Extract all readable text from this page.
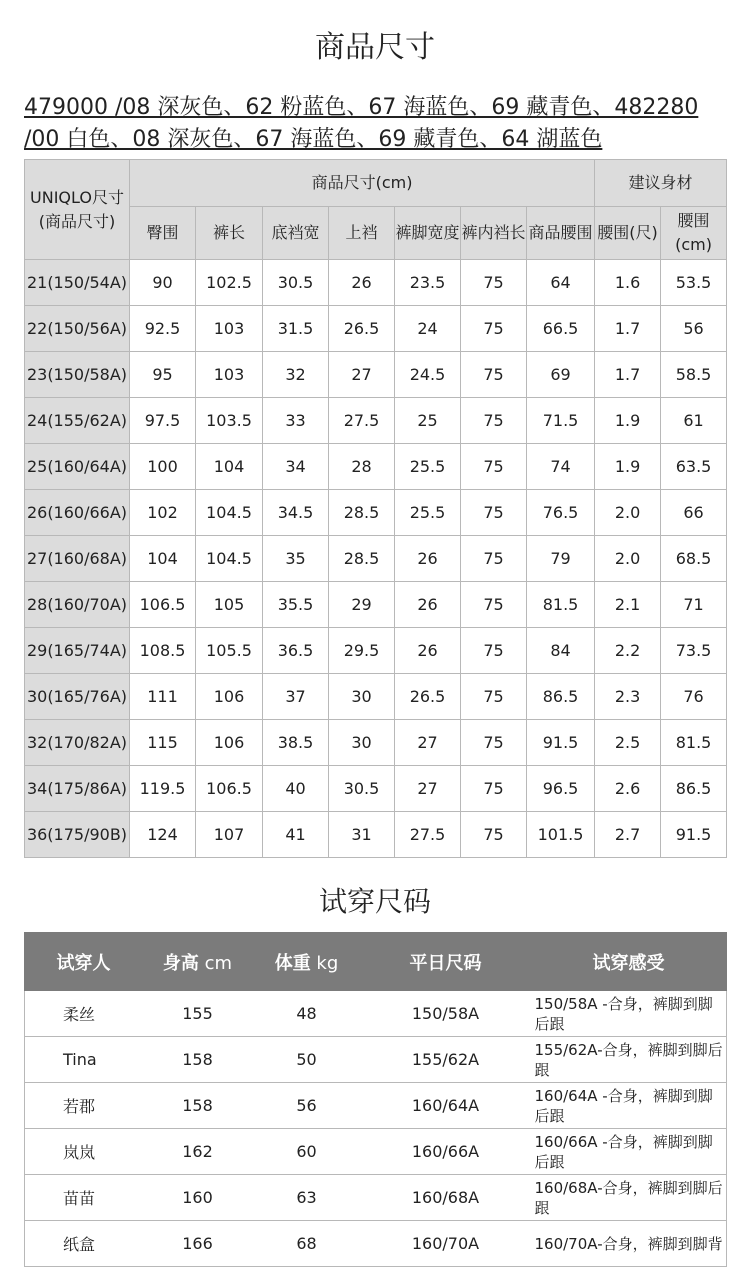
商品尺寸
479000 /08 深灰色、62 粉蓝色、67 海蓝色、69 藏青色、482280 /00 白色、08 深灰色、67 海蓝色、69 藏青色、64 湖蓝色
UNIQLO尺寸
(商品尺寸)	商品尺寸(cm)							建议身材	
	臀围	裤长	底裆宽	上裆	裤脚宽度	裤内裆长	商品腰围	腰围(尺)	腰围(cm)
21(150/54A)	90	102.5	30.5	26	23.5	75	64	1.6	53.5
22(150/56A)	92.5	103	31.5	26.5	24	75	66.5	1.7	56
23(150/58A)	95	103	32	27	24.5	75	69	1.7	58.5
24(155/62A)	97.5	103.5	33	27.5	25	75	71.5	1.9	61
25(160/64A)	100	104	34	28	25.5	75	74	1.9	63.5
26(160/66A)	102	104.5	34.5	28.5	25.5	75	76.5	2.0	66
27(160/68A)	104	104.5	35	28.5	26	75	79	2.0	68.5
28(160/70A)	106.5	105	35.5	29	26	75	81.5	2.1	71
29(165/74A)	108.5	105.5	36.5	29.5	26	75	84	2.2	73.5
30(165/76A)	111	106	37	30	26.5	75	86.5	2.3	76
32(170/82A)	115	106	38.5	30	27	75	91.5	2.5	81.5
34(175/86A)	119.5	106.5	40	30.5	27	75	96.5	2.6	86.5
36(175/90B)	124	107	41	31	27.5	75	101.5	2.7	91.5
试穿尺码
试穿人	身高 cm	体重 kg	平日尺码	试穿感受
柔丝	155	48	150/58A	150/58A -合身，裤脚到脚后跟
Tina	158	50	155/62A	155/62A-合身，裤脚到脚后跟
若郡	158	56	160/64A	160/64A -合身，裤脚到脚后跟
岚岚	162	60	160/66A	160/66A -合身，裤脚到脚后跟
苗苗	160	63	160/68A	160/68A-合身，裤脚到脚后跟
纸盒	166	68	160/70A	160/70A-合身，裤脚到脚背
